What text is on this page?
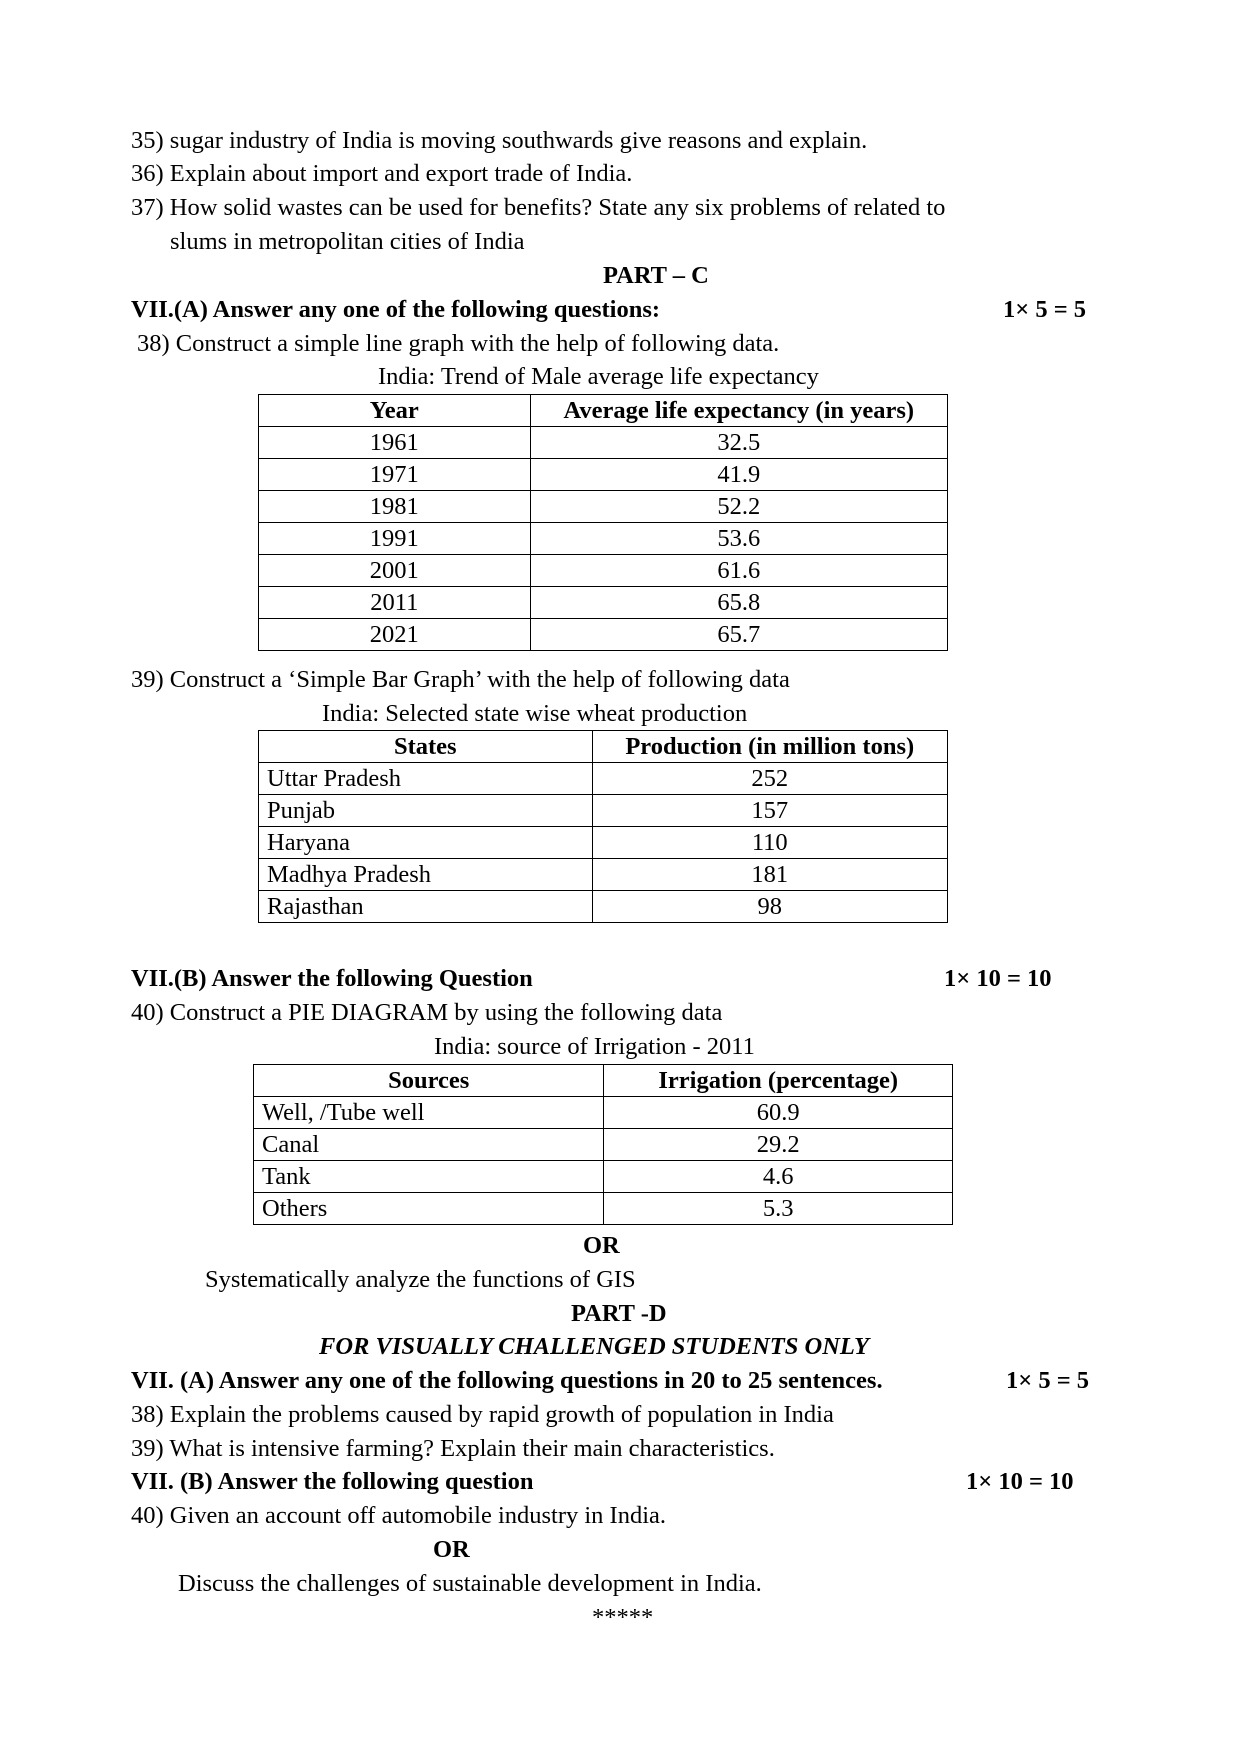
35) sugar industry of India is moving southwards give reasons and explain.
36) Explain about import and export trade of India.
37) How solid wastes can be used for benefits? State any six problems of related to
slums in metropolitan cities of India
PART – C
VII.(A) Answer any one of the following questions:	1× 5 = 5
38) Construct a simple line graph with the help of following data.
India: Trend of Male average life expectancy
Year	Average life expectancy (in years)
1961	32.5
1971	41.9
1981	52.2
1991	53.6
2001	61.6
2011	65.8
2021	65.7
39) Construct a ‘Simple Bar Graph’ with the help of following data
India: Selected state wise wheat production
States	Production (in million tons)
Uttar Pradesh	252
Punjab	157
Haryana	110
Madhya Pradesh	181
Rajasthan	98
VII.(B) Answer the following Question	1× 10 = 10
40) Construct a PIE DIAGRAM by using the following data
India: source of Irrigation - 2011
Sources	Irrigation (percentage)
Well, /Tube well	60.9
Canal	29.2
Tank	4.6
Others	5.3
OR
Systematically analyze the functions of GIS
PART -D
FOR VISUALLY CHALLENGED STUDENTS ONLY
VII. (A) Answer any one of the following questions in 20 to 25 sentences.	1× 5 = 5
38) Explain the problems caused by rapid growth of population in India
39) What is intensive farming? Explain their main characteristics.
VII. (B) Answer the following question	1× 10 = 10
40) Given an account off automobile industry in India.
OR
Discuss the challenges of sustainable development in India.
*****
